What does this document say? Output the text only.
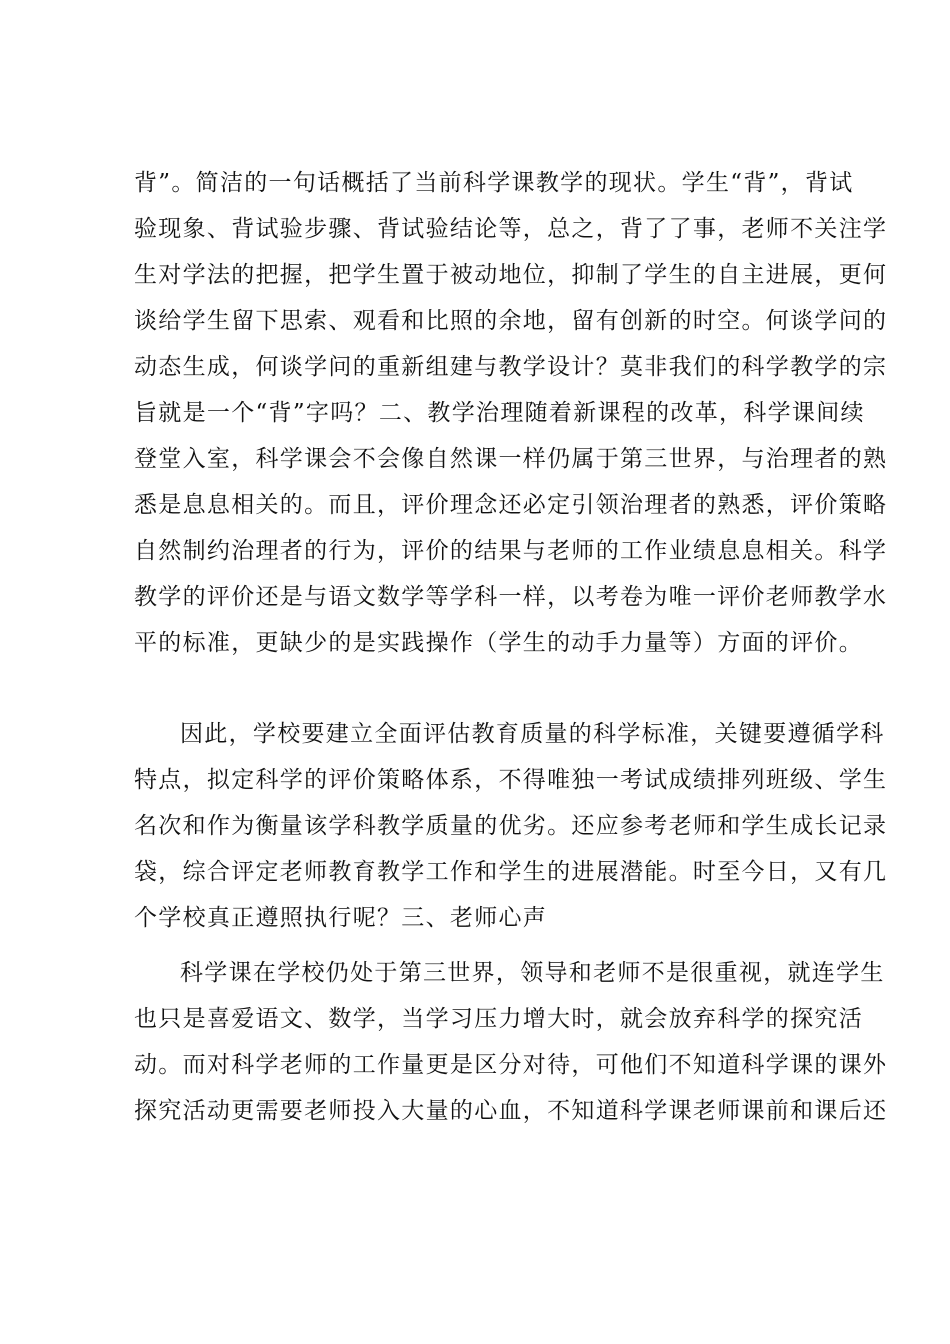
背”。简洁的一句话概括了当前科学课教学的现状。学生“背”，背试
验现象、背试验步骤、背试验结论等，总之，背了了事，老师不关注学
生对学法的把握，把学生置于被动地位，抑制了学生的自主进展，更何
谈给学生留下思索、观看和比照的余地，留有创新的时空。何谈学问的
动态生成，何谈学问的重新组建与教学设计？莫非我们的科学教学的宗
旨就是一个“背”字吗？二、教学治理随着新课程的改革，科学课间续
登堂入室，科学课会不会像自然课一样仍属于第三世界，与治理者的熟
悉是息息相关的。而且，评价理念还必定引领治理者的熟悉，评价策略
自然制约治理者的行为，评价的结果与老师的工作业绩息息相关。科学
教学的评价还是与语文数学等学科一样，以考卷为唯一评价老师教学水
平的标准，更缺少的是实践操作（学生的动手力量等）方面的评价。
因此，学校要建立全面评估教育质量的科学标准，关键要遵循学科
特点，拟定科学的评价策略体系，不得唯独一考试成绩排列班级、学生
名次和作为衡量该学科教学质量的优劣。还应参考老师和学生成长记录
袋，综合评定老师教育教学工作和学生的进展潜能。时至今日，又有几
个学校真正遵照执行呢？三、老师心声
科学课在学校仍处于第三世界，领导和老师不是很重视，就连学生
也只是喜爱语文、数学，当学习压力增大时，就会放弃科学的探究活
动。而对科学老师的工作量更是区分对待，可他们不知道科学课的课外
探究活动更需要老师投入大量的心血，不知道科学课老师课前和课后还
